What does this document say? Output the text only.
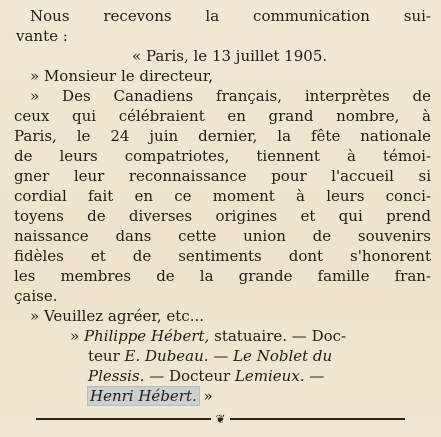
Nous recevons la communication sui-
vante :
« Paris, le 13 juillet 1905.
» Monsieur le directeur,
» Des Canadiens français, interprètes de
ceux qui célébraient en grand nombre, à
Paris, le 24 juin dernier, la fête nationale
de leurs compatriotes, tiennent à témoi-
gner leur reconnaissance pour l'accueil si
cordial fait en ce moment à leurs conci-
toyens de diverses origines et qui prend
naissance dans cette union de souvenirs
fidèles et de sentiments dont s'honorent
les membres de la grande famille fran-
çaise.
» Veuillez agréer, etc...
» Philippe Hébert, statuaire. — Doc-
teur E. Dubeau. — Le Noblet du
Plessis. — Docteur Lemieux. —
Henri Hébert. »
❦
